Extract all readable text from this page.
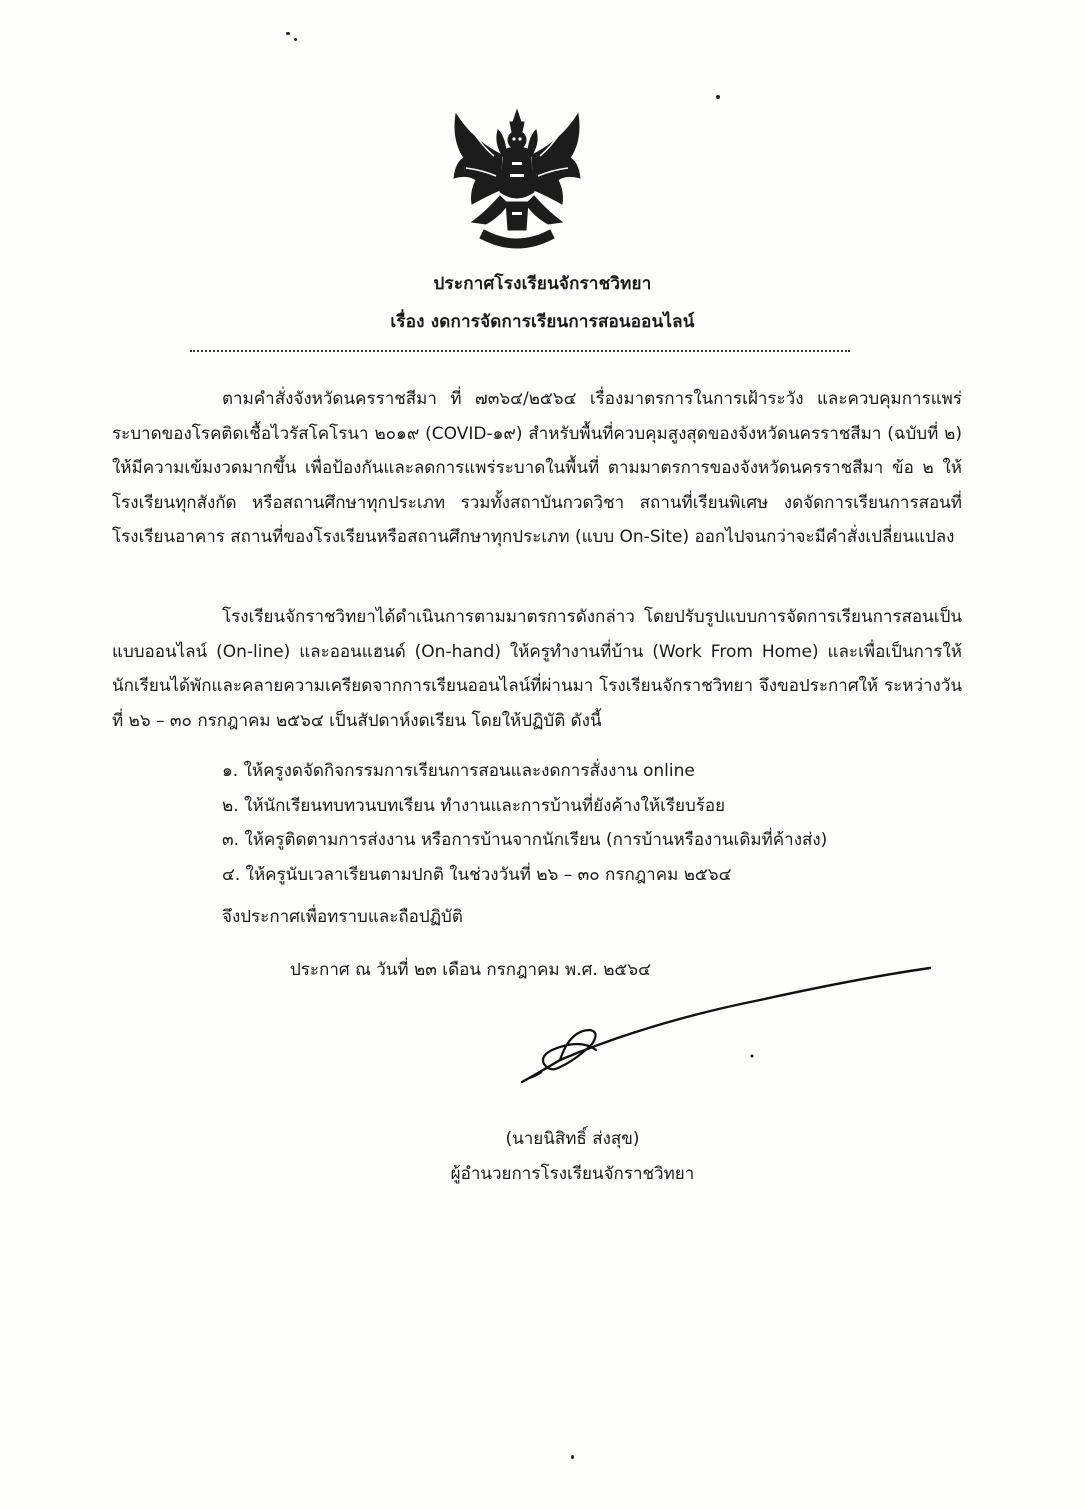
ประกาศโรงเรียนจักราชวิทยา
เรื่อง งดการจัดการเรียนการสอนออนไลน์
ตามคำสั่งจังหวัดนครราชสีมา ที่ ๗๓๖๔/๒๕๖๔ เรื่องมาตรการในการเฝ้าระวัง และควบคุมการแพร่ระบาดของโรคติดเชื้อไวรัสโคโรนา ๒๐๑๙ (COVID-๑๙) สำหรับพื้นที่ควบคุมสูงสุดของจังหวัดนครราชสีมา (ฉบับที่ ๒) ให้มีความเข้มงวดมากขึ้น เพื่อป้องกันและลดการแพร่ระบาดในพื้นที่ ตามมาตรการของจังหวัดนครราชสีมา ข้อ ๒ ให้โรงเรียนทุกสังกัด หรือสถานศึกษาทุกประเภท รวมทั้งสถาบันกวดวิชา สถานที่เรียนพิเศษ งดจัดการเรียนการสอนที่โรงเรียนอาคาร สถานที่ของโรงเรียนหรือสถานศึกษาทุกประเภท (แบบ On-Site) ออกไปจนกว่าจะมีคำสั่งเปลี่ยนแปลง
โรงเรียนจักราชวิทยาได้ดำเนินการตามมาตรการดังกล่าว โดยปรับรูปแบบการจัดการเรียนการสอนเป็นแบบออนไลน์ (On-line) และออนแฮนด์ (On-hand) ให้ครูทำงานที่บ้าน (Work From Home) และเพื่อเป็นการให้นักเรียนได้พักและคลายความเครียดจากการเรียนออนไลน์ที่ผ่านมา โรงเรียนจักราชวิทยา จึงขอประกาศให้ ระหว่างวันที่ ๒๖ – ๓๐ กรกฎาคม ๒๕๖๔ เป็นสัปดาห์งดเรียน โดยให้ปฏิบัติ ดังนี้
๑. ให้ครูงดจัดกิจกรรมการเรียนการสอนและงดการสั่งงาน online
๒. ให้นักเรียนทบทวนบทเรียน ทำงานและการบ้านที่ยังค้างให้เรียบร้อย
๓. ให้ครูติดตามการส่งงาน หรือการบ้านจากนักเรียน (การบ้านหรืองานเดิมที่ค้างส่ง)
๔. ให้ครูนับเวลาเรียนตามปกติ ในช่วงวันที่ ๒๖ – ๓๐ กรกฎาคม ๒๕๖๔
จึงประกาศเพื่อทราบและถือปฏิบัติ
ประกาศ ณ วันที่ ๒๓ เดือน กรกฎาคม พ.ศ. ๒๕๖๔
(นายนิสิทธิ์ ส่งสุข)
ผู้อำนวยการโรงเรียนจักราชวิทยา
